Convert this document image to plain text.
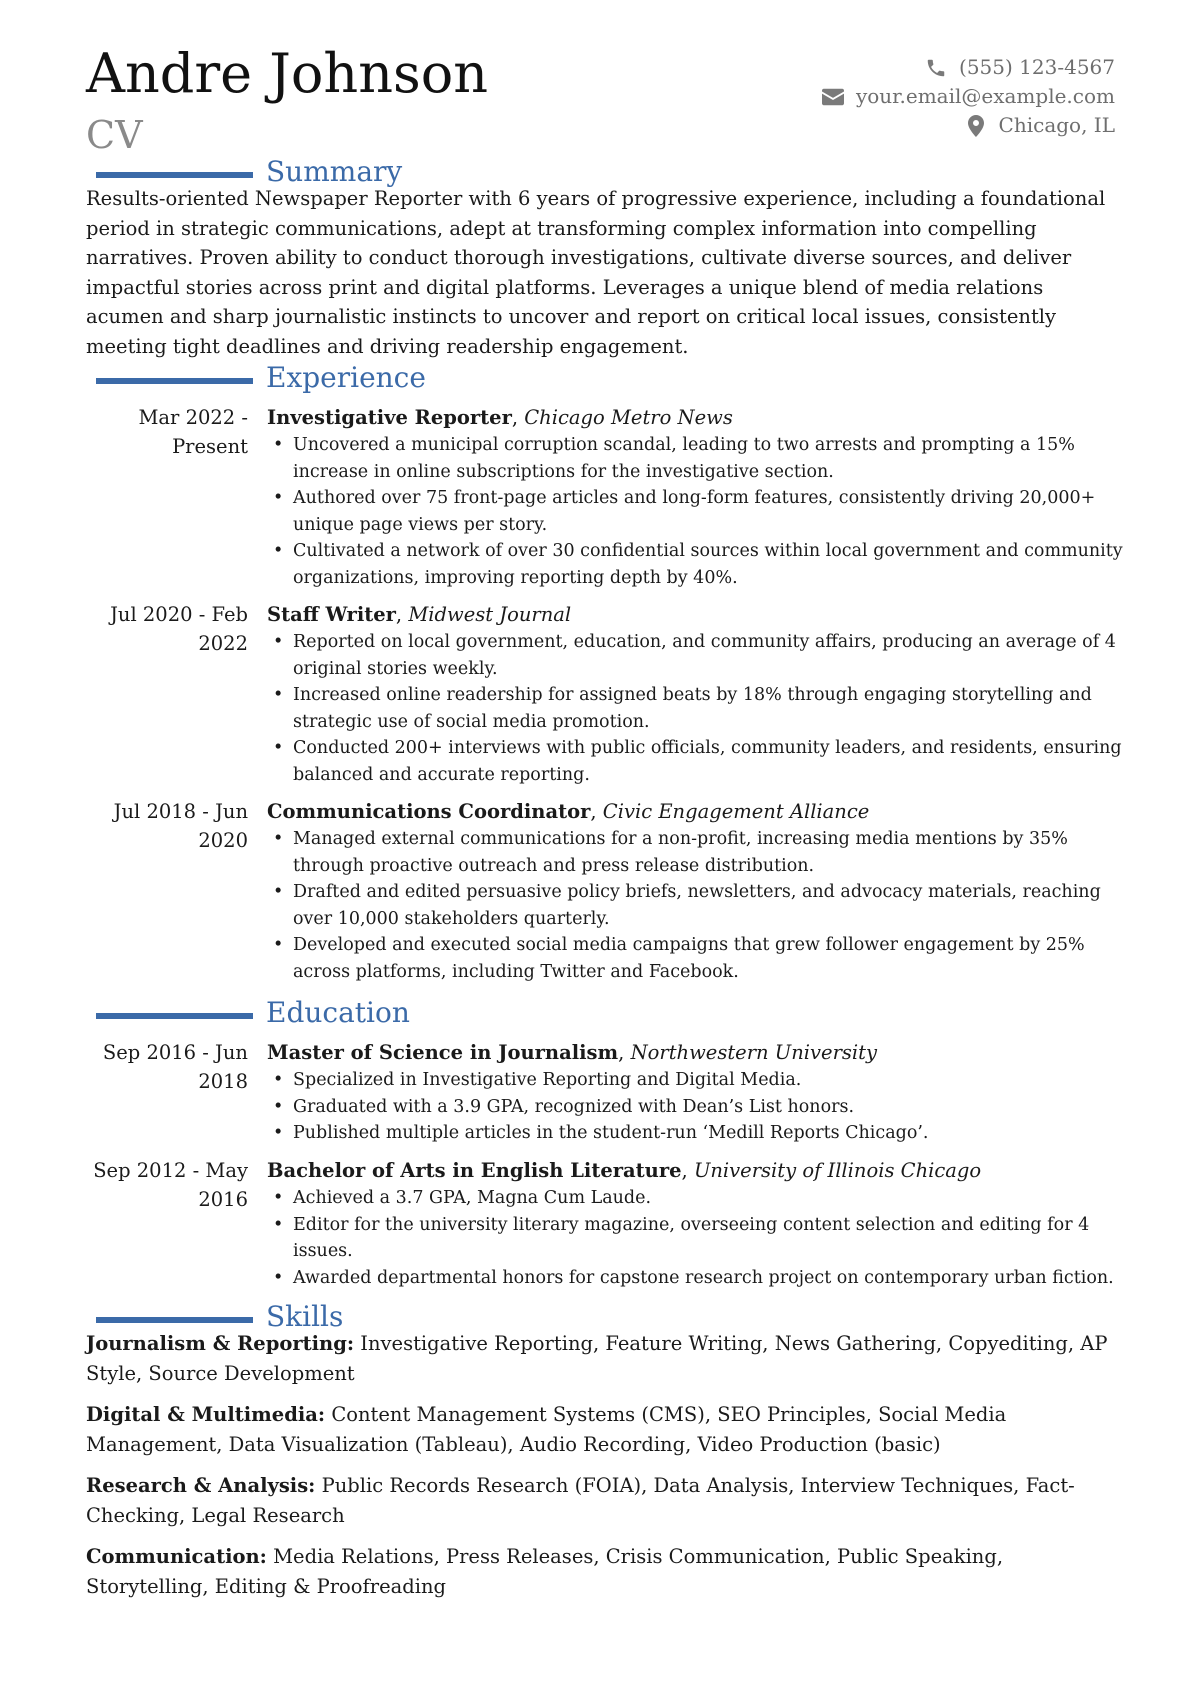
Andre Johnson
CV
(555) 123-4567
your.email@example.com
Chicago, IL
Summary
Results-oriented Newspaper Reporter with 6 years of progressive experience, including a foundational period in strategic communications, adept at transforming complex information into compelling narratives. Proven ability to conduct thorough investigations, cultivate diverse sources, and deliver impactful stories across print and digital platforms. Leverages a unique blend of media relations acumen and sharp journalistic instincts to uncover and report on critical local issues, consistently meeting tight deadlines and driving readership engagement.
Experience
Mar 2022 -
Present
Investigative Reporter, Chicago Metro News
• Uncovered a municipal corruption scandal, leading to two arrests and prompting a 15% increase in online subscriptions for the investigative section.
• Authored over 75 front-page articles and long-form features, consistently driving 20,000+ unique page views per story.
• Cultivated a network of over 30 confidential sources within local government and community organizations, improving reporting depth by 40%.
Jul 2020 - Feb
2022
Staff Writer, Midwest Journal
• Reported on local government, education, and community affairs, producing an average of 4 original stories weekly.
• Increased online readership for assigned beats by 18% through engaging storytelling and strategic use of social media promotion.
• Conducted 200+ interviews with public officials, community leaders, and residents, ensuring balanced and accurate reporting.
Jul 2018 - Jun
2020
Communications Coordinator, Civic Engagement Alliance
• Managed external communications for a non-profit, increasing media mentions by 35% through proactive outreach and press release distribution.
• Drafted and edited persuasive policy briefs, newsletters, and advocacy materials, reaching over 10,000 stakeholders quarterly.
• Developed and executed social media campaigns that grew follower engagement by 25% across platforms, including Twitter and Facebook.
Education
Sep 2016 - Jun
2018
Master of Science in Journalism, Northwestern University
• Specialized in Investigative Reporting and Digital Media.
• Graduated with a 3.9 GPA, recognized with Dean’s List honors.
• Published multiple articles in the student-run ‘Medill Reports Chicago’.
Sep 2012 - May
2016
Bachelor of Arts in English Literature, University of Illinois Chicago
• Achieved a 3.7 GPA, Magna Cum Laude.
• Editor for the university literary magazine, overseeing content selection and editing for 4 issues.
• Awarded departmental honors for capstone research project on contemporary urban fiction.
Skills
Journalism & Reporting: Investigative Reporting, Feature Writing, News Gathering, Copyediting, AP Style, Source Development
Digital & Multimedia: Content Management Systems (CMS), SEO Principles, Social Media Management, Data Visualization (Tableau), Audio Recording, Video Production (basic)
Research & Analysis: Public Records Research (FOIA), Data Analysis, Interview Techniques, Fact-Checking, Legal Research
Communication: Media Relations, Press Releases, Crisis Communication, Public Speaking, Storytelling, Editing & Proofreading
